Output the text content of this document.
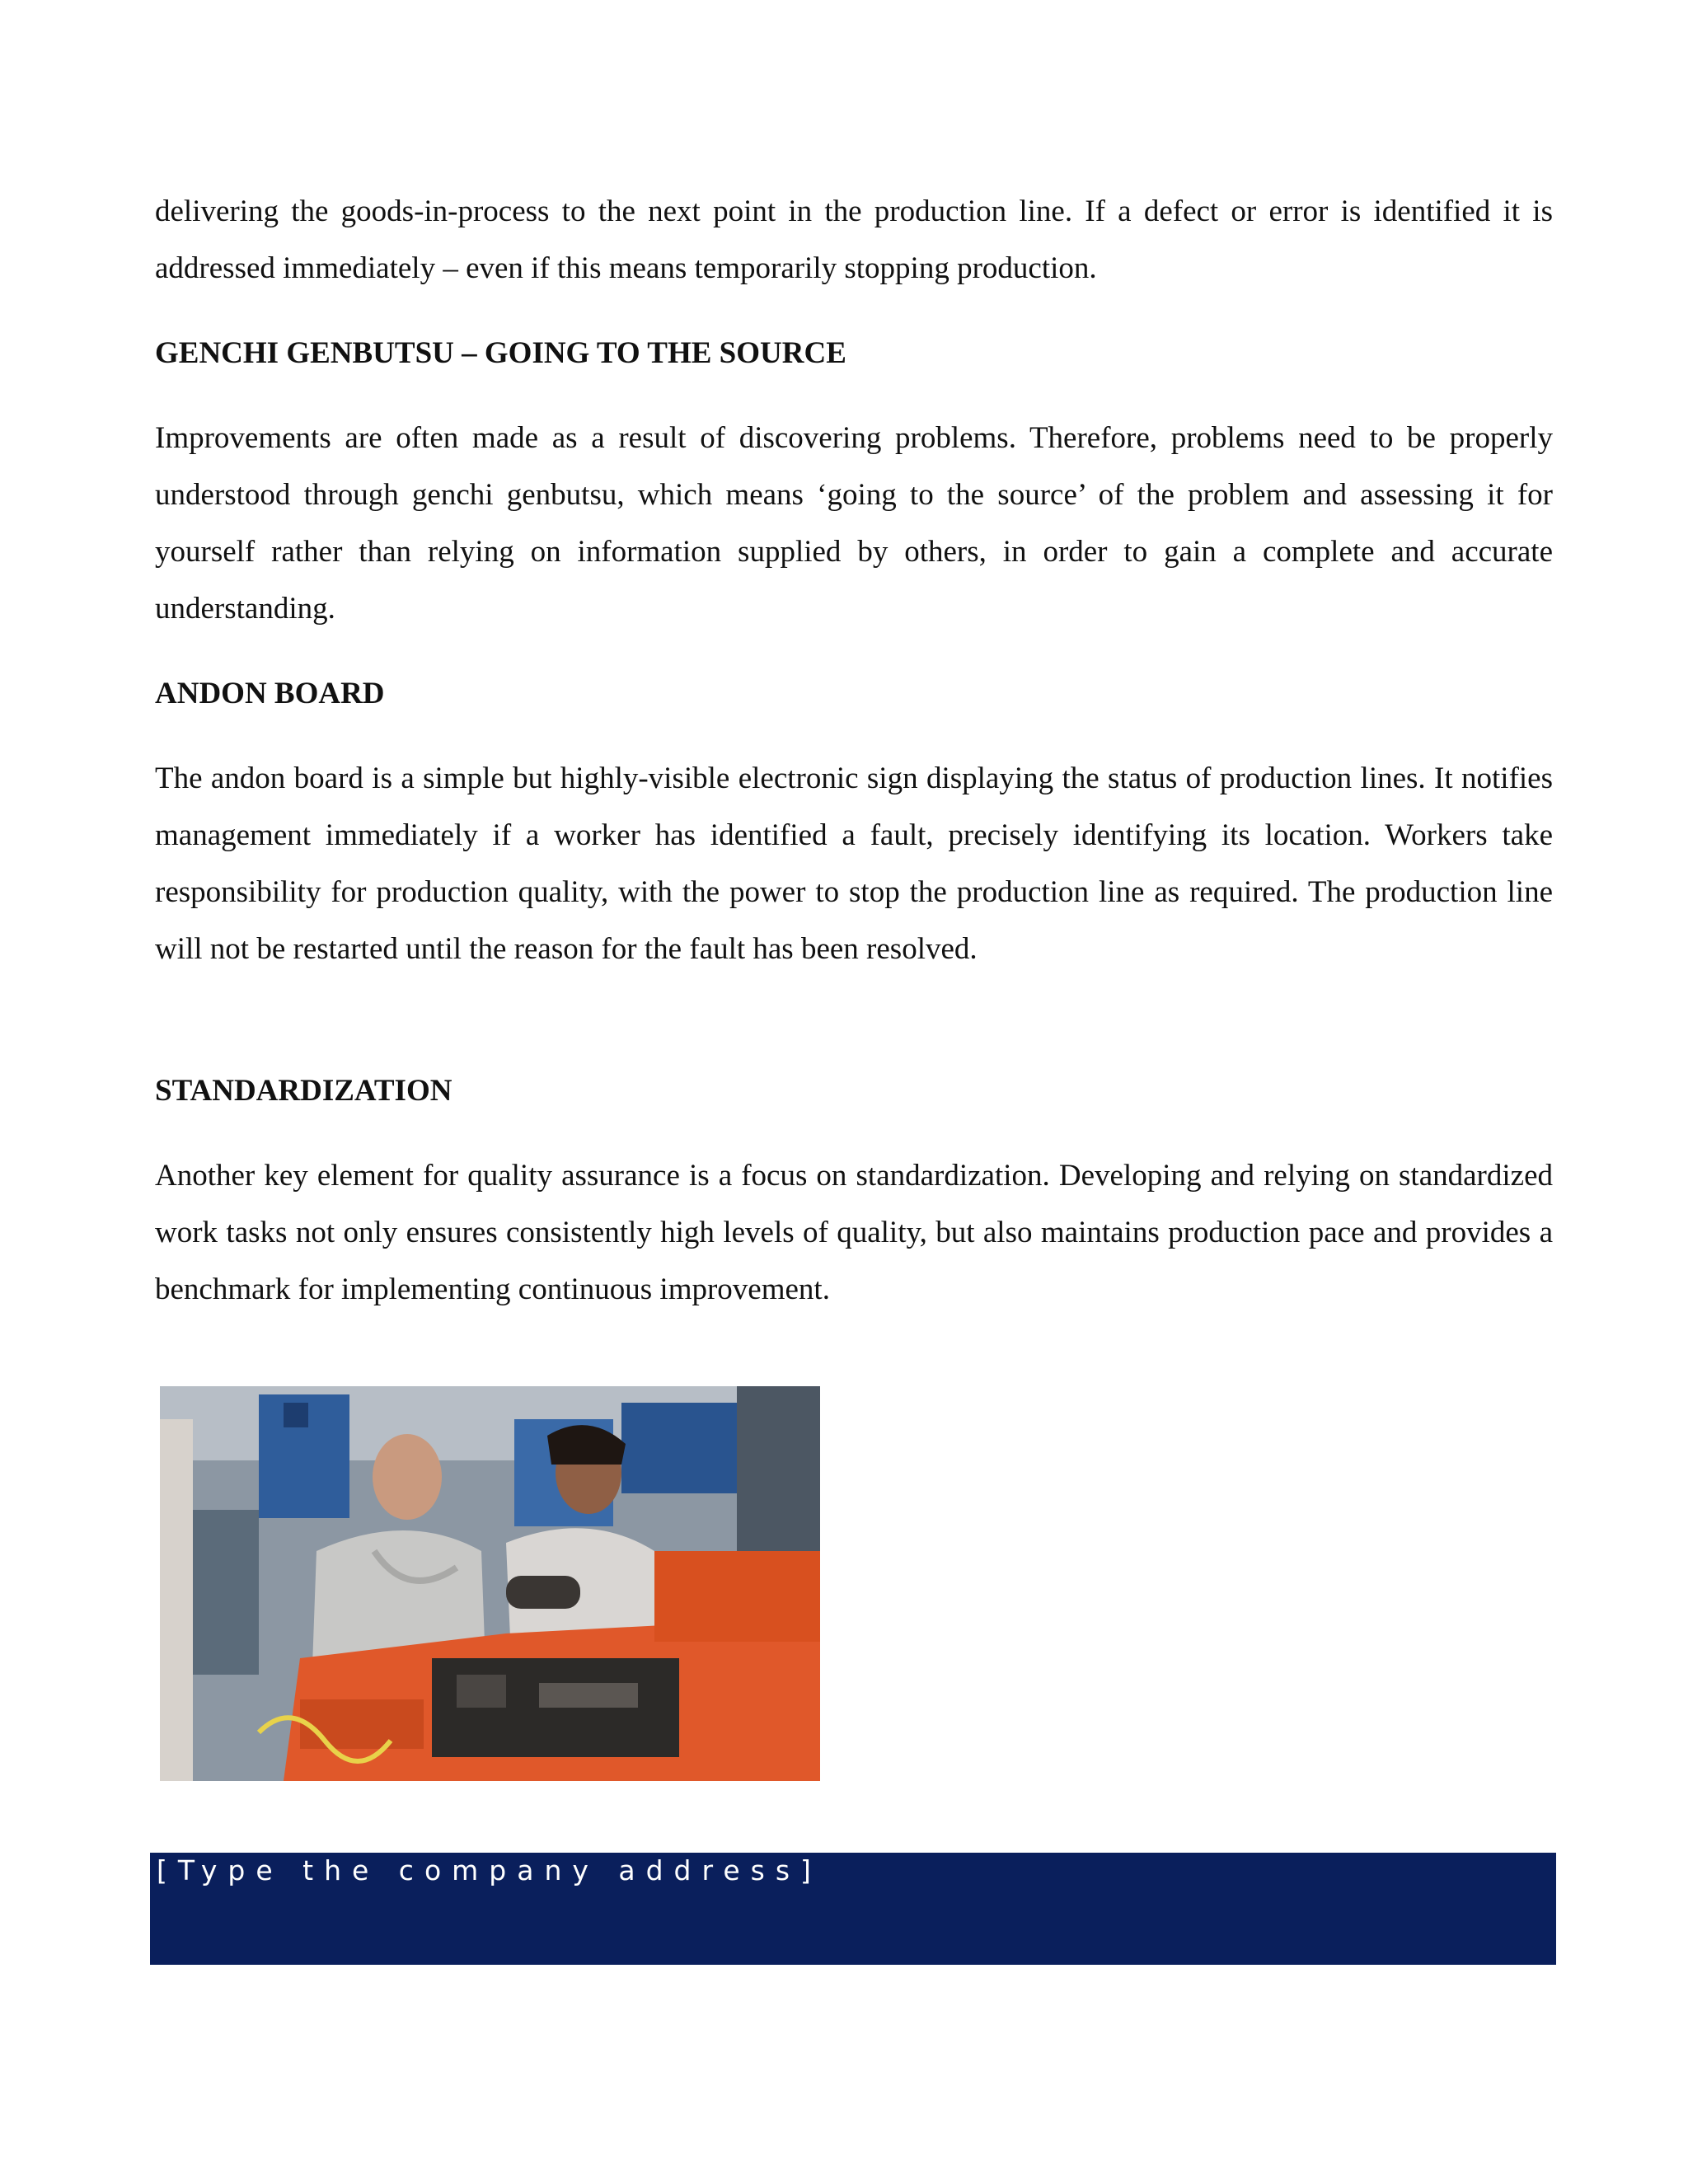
delivering the goods-in-process to the next point in the production line. If a defect or error is identified it is addressed immediately – even if this means temporarily stopping production.

GENCHI GENBUTSU – GOING TO THE SOURCE

Improvements are often made as a result of discovering problems. Therefore, problems need to be properly understood through genchi genbutsu, which means ‘going to the source’ of the problem and assessing it for yourself rather than relying on information supplied by others, in order to gain a complete and accurate understanding.

ANDON BOARD

The andon board is a simple but highly-visible electronic sign displaying the status of production lines. It notifies management immediately if a worker has identified a fault, precisely identifying its location. Workers take responsibility for production quality, with the power to stop the production line as required. The production line will not be restarted until the reason for the fault has been resolved.

STANDARDIZATION

Another key element for quality assurance is a focus on standardization. Developing and relying on standardized work tasks not only ensures consistently high levels of quality, but also maintains production pace and provides a benchmark for implementing continuous improvement.

[Type the company address]
